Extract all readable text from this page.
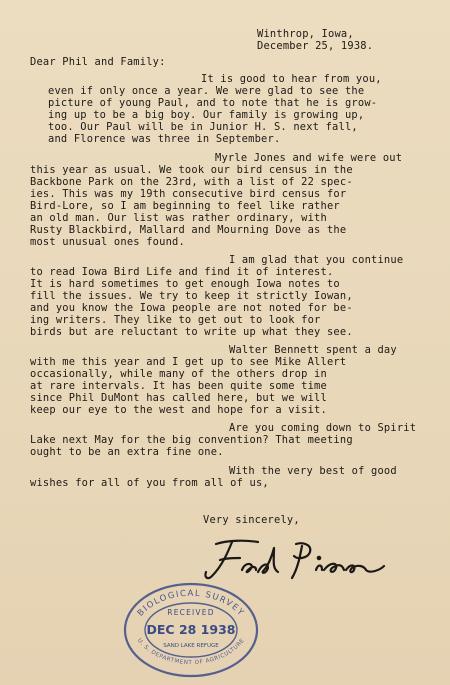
Winthrop, Iowa,
December 25, 1938.
Dear Phil and Family:
It is good to hear from you,
even if only once a year. We were glad to see the
picture of young Paul, and to note that he is grow-
ing up to be a big boy. Our family is growing up,
too. Our Paul will be in Junior H. S. next fall,
and Florence was three in September.
Myrle Jones and wife were out
this year as usual. We took our bird census in the
Backbone Park on the 23rd, with a list of 22 spec-
ies. This was my 19th consecutive bird census for
Bird-Lore, so I am beginning to feel like rather
an old man. Our list was rather ordinary, with
Rusty Blackbird, Mallard and Mourning Dove as the
most unusual ones found.
I am glad that you continue
to read Iowa Bird Life and find it of interest.
It is hard sometimes to get enough Iowa notes to
fill the issues. We try to keep it strictly Iowan,
and you know the Iowa people are not noted for be-
ing writers. They like to get out to look for
birds but are reluctant to write up what they see.
Walter Bennett spent a day
with me this year and I get up to see Mike Allert
occasionally, while many of the others drop in
at rare intervals. It has been quite some time
since Phil DuMont has called here, but we will
keep our eye to the west and hope for a visit.
Are you coming down to Spirit
Lake next May for the big convention? That meeting
ought to be an extra fine one.
With the very best of good
wishes for all of you from all of us,
Very sincerely,
BIOLOGICAL SURVEY
RECEIVED
DEC 28 1938
SAND LAKE REFUGE
U. S. DEPARTMENT OF AGRICULTURE
